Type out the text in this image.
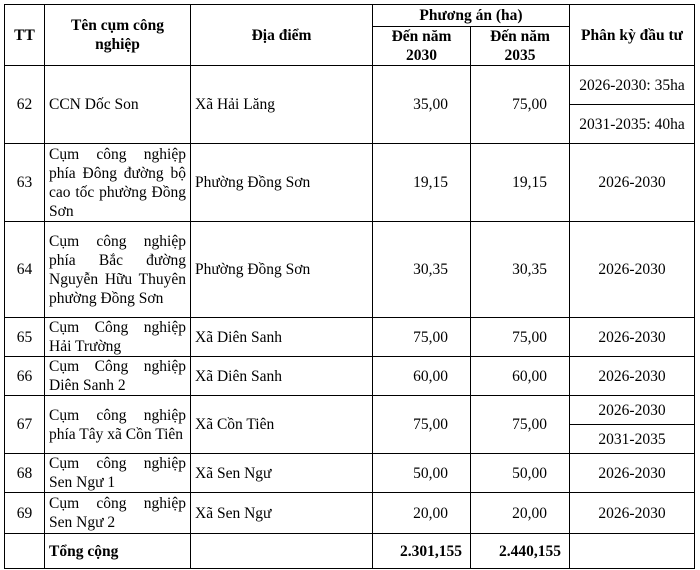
TT	Tên cụm công nghiệp	Địa điểm	Phương án (ha)		Phân kỳ đầu tư
			Đến năm 2030	Đến năm 2035	
62	CCN Dốc Son	Xã Hải Lăng	35,00	75,00	2026-2030: 35ha
					2031-2035: 40ha
63	Cụm công nghiệp phía Đông đường bộ cao tốc phường Đồng Sơn	Phường Đồng Sơn	19,15	19,15	2026-2030
64	Cụm công nghiệp phía Bắc đường Nguyễn Hữu Thuyên phường Đồng Sơn	Phường Đồng Sơn	30,35	30,35	2026-2030
65	Cụm Công nghiệp Hải Trường	Xã Diên Sanh	75,00	75,00	2026-2030
66	Cụm Công nghiệp Diên Sanh 2	Xã Diên Sanh	60,00	60,00	2026-2030
67	Cụm công nghiệp phía Tây xã Cồn Tiên	Xã Cồn Tiên	75,00	75,00	2026-2030
					2031-2035
68	Cụm công nghiệp Sen Ngư 1	Xã Sen Ngư	50,00	50,00	2026-2030
69	Cụm công nghiệp Sen Ngư 2	Xã Sen Ngư	20,00	20,00	2026-2030
	Tổng cộng		2.301,155	2.440,155	
